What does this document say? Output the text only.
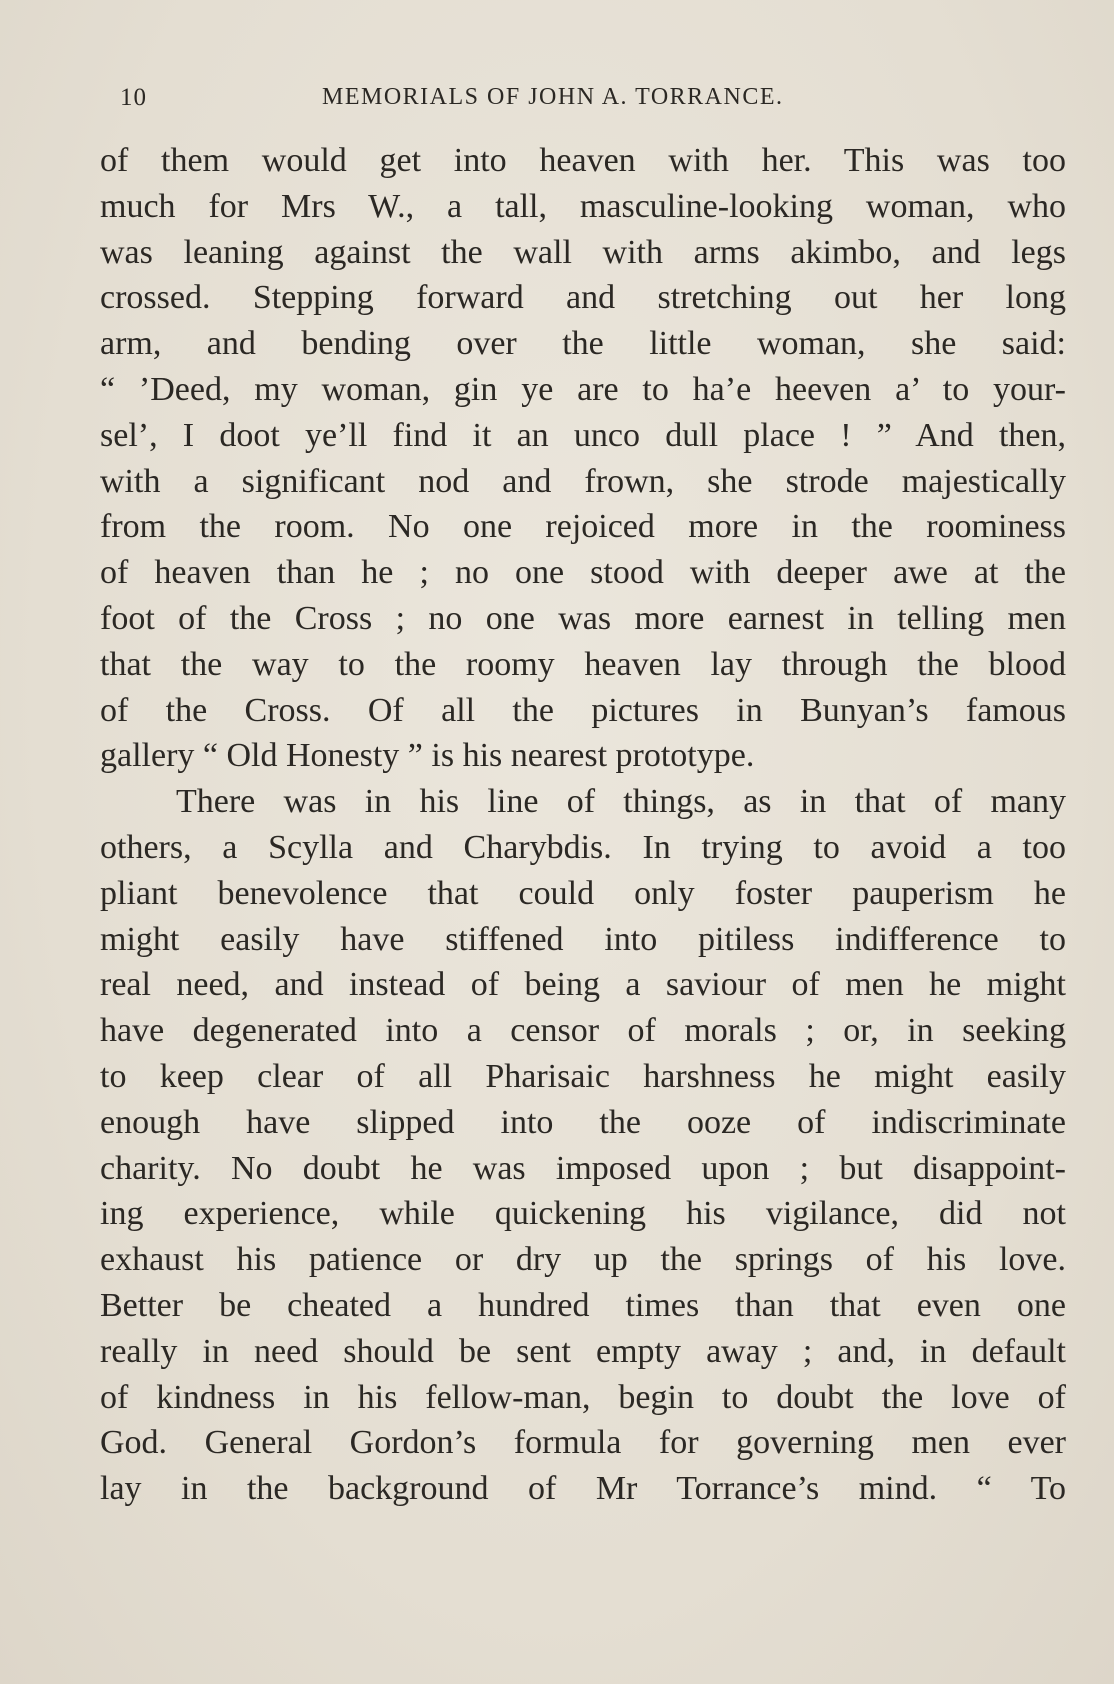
10	MEMORIALS OF JOHN A. TORRANCE.
of them would get into heaven with her. This was too
much for Mrs W., a tall, masculine-looking woman, who
was leaning against the wall with arms akimbo, and legs
crossed. Stepping forward and stretching out her long
arm, and bending over the little woman, she said:
“ ’Deed, my woman, gin ye are to ha’e heeven a’ to your-
sel’, I doot ye’ll find it an unco dull place ! ” And then,
with a significant nod and frown, she strode majestically
from the room. No one rejoiced more in the roominess
of heaven than he ; no one stood with deeper awe at the
foot of the Cross ; no one was more earnest in telling men
that the way to the roomy heaven lay through the blood
of the Cross. Of all the pictures in Bunyan’s famous
gallery “ Old Honesty ” is his nearest prototype.
There was in his line of things, as in that of many
others, a Scylla and Charybdis. In trying to avoid a too
pliant benevolence that could only foster pauperism he
might easily have stiffened into pitiless indifference to
real need, and instead of being a saviour of men he might
have degenerated into a censor of morals ; or, in seeking
to keep clear of all Pharisaic harshness he might easily
enough have slipped into the ooze of indiscriminate
charity. No doubt he was imposed upon ; but disappoint-
ing experience, while quickening his vigilance, did not
exhaust his patience or dry up the springs of his love.
Better be cheated a hundred times than that even one
really in need should be sent empty away ; and, in default
of kindness in his fellow-man, begin to doubt the love of
God. General Gordon’s formula for governing men ever
lay in the background of Mr Torrance’s mind. “ To
